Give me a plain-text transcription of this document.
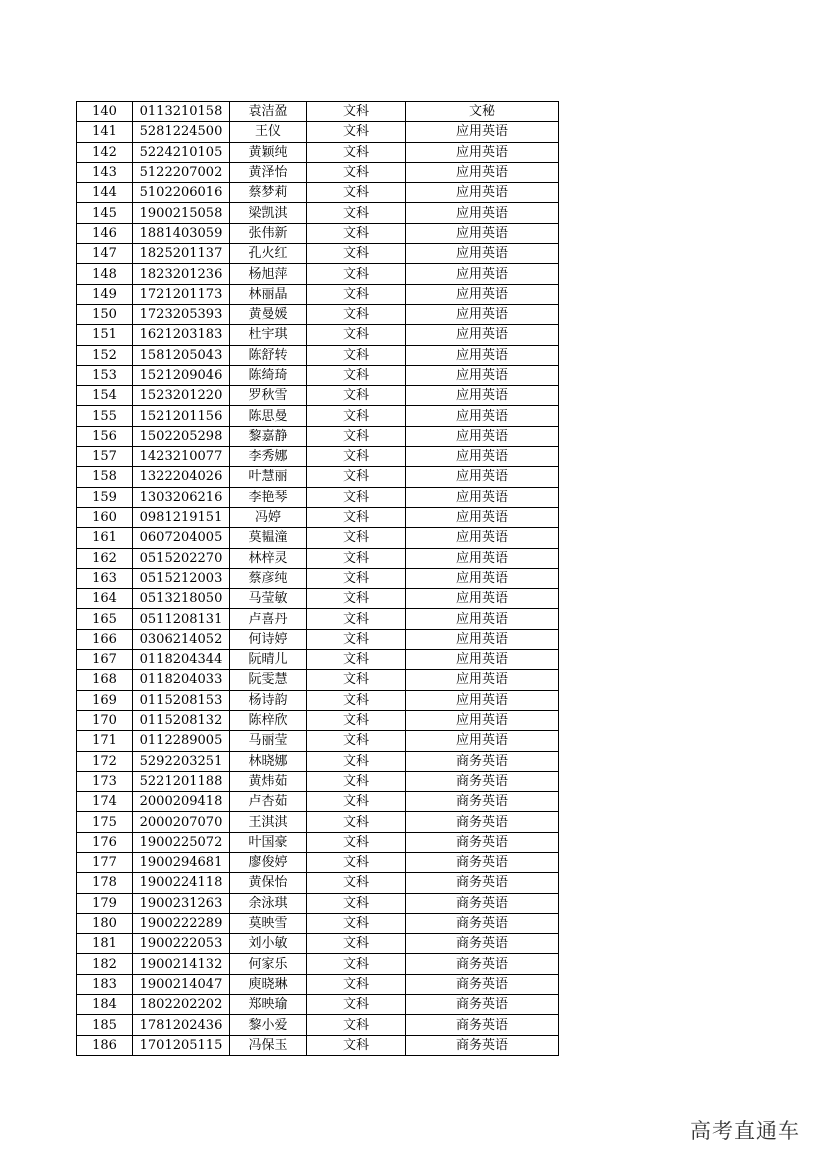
140	0113210158	袁洁盈	文科	文秘
141	5281224500	王仪	文科	应用英语
142	5224210105	黄颖纯	文科	应用英语
143	5122207002	黄泽怡	文科	应用英语
144	5102206016	蔡梦莉	文科	应用英语
145	1900215058	梁凯淇	文科	应用英语
146	1881403059	张伟新	文科	应用英语
147	1825201137	孔火红	文科	应用英语
148	1823201236	杨旭萍	文科	应用英语
149	1721201173	林丽晶	文科	应用英语
150	1723205393	黄曼媛	文科	应用英语
151	1621203183	杜宇琪	文科	应用英语
152	1581205043	陈舒转	文科	应用英语
153	1521209046	陈绮琦	文科	应用英语
154	1523201220	罗秋雪	文科	应用英语
155	1521201156	陈思曼	文科	应用英语
156	1502205298	黎嘉静	文科	应用英语
157	1423210077	李秀娜	文科	应用英语
158	1322204026	叶慧丽	文科	应用英语
159	1303206216	李艳琴	文科	应用英语
160	0981219151	冯婷	文科	应用英语
161	0607204005	莫韫潼	文科	应用英语
162	0515202270	林梓灵	文科	应用英语
163	0515212003	蔡彦纯	文科	应用英语
164	0513218050	马莹敏	文科	应用英语
165	0511208131	卢喜丹	文科	应用英语
166	0306214052	何诗婷	文科	应用英语
167	0118204344	阮晴儿	文科	应用英语
168	0118204033	阮雯慧	文科	应用英语
169	0115208153	杨诗韵	文科	应用英语
170	0115208132	陈梓欣	文科	应用英语
171	0112289005	马丽莹	文科	应用英语
172	5292203251	林晓娜	文科	商务英语
173	5221201188	黄炜茹	文科	商务英语
174	2000209418	卢杏茹	文科	商务英语
175	2000207070	王淇淇	文科	商务英语
176	1900225072	叶国豪	文科	商务英语
177	1900294681	廖俊婷	文科	商务英语
178	1900224118	黄保怡	文科	商务英语
179	1900231263	余泳琪	文科	商务英语
180	1900222289	莫映雪	文科	商务英语
181	1900222053	刘小敏	文科	商务英语
182	1900214132	何家乐	文科	商务英语
183	1900214047	庾晓琳	文科	商务英语
184	1802202202	郑映瑜	文科	商务英语
185	1781202436	黎小爱	文科	商务英语
186	1701205115	冯保玉	文科	商务英语
高考直通车
